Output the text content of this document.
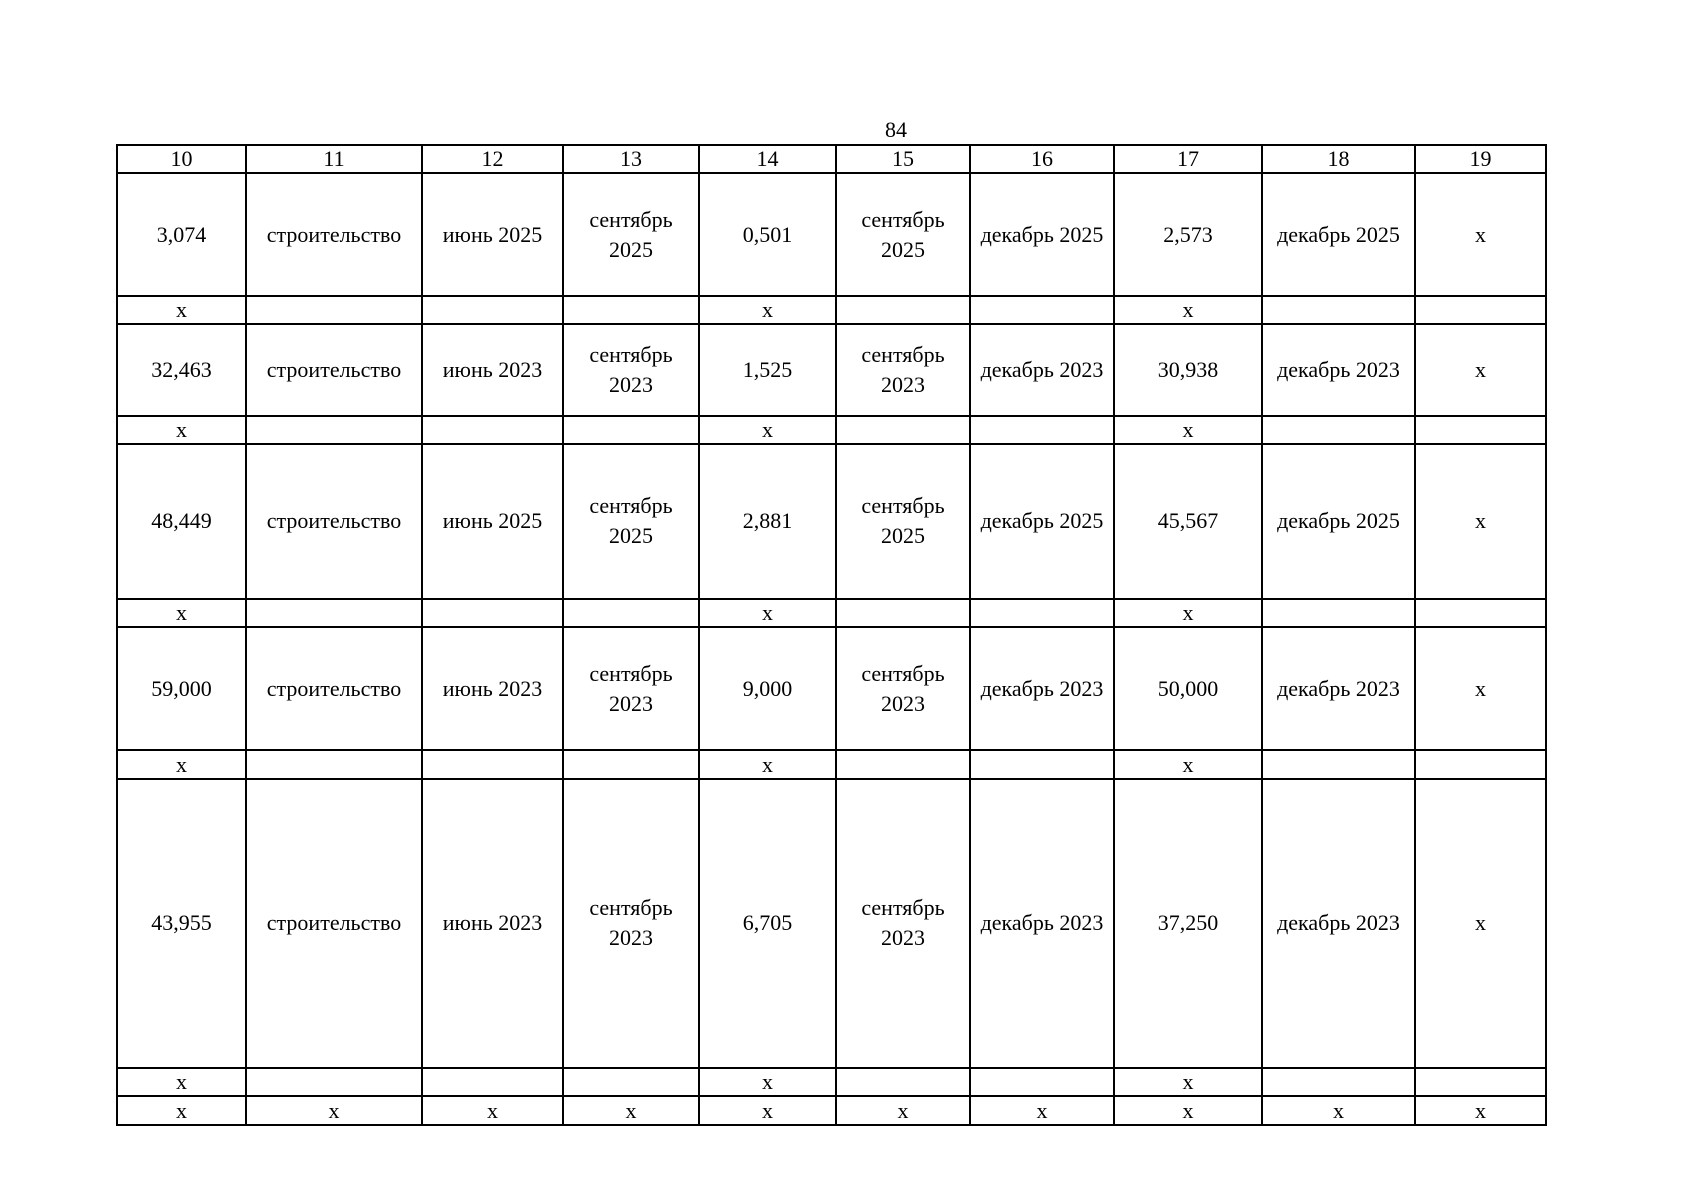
84
10	11	12	13	14	15	16	17	18	19
3,074	строительство	июнь 2025	сентябрь 2025	0,501	сентябрь 2025	декабрь 2025	2,573	декабрь 2025	х
х				х			х		
32,463	строительство	июнь 2023	сентябрь 2023	1,525	сентябрь 2023	декабрь 2023	30,938	декабрь 2023	х
х				х			х		
48,449	строительство	июнь 2025	сентябрь 2025	2,881	сентябрь 2025	декабрь 2025	45,567	декабрь 2025	х
х				х			х		
59,000	строительство	июнь 2023	сентябрь 2023	9,000	сентябрь 2023	декабрь 2023	50,000	декабрь 2023	х
х				х			х		
43,955	строительство	июнь 2023	сентябрь 2023	6,705	сентябрь 2023	декабрь 2023	37,250	декабрь 2023	х
х				х			х		
х	х	х	х	х	х	х	х	х	х
